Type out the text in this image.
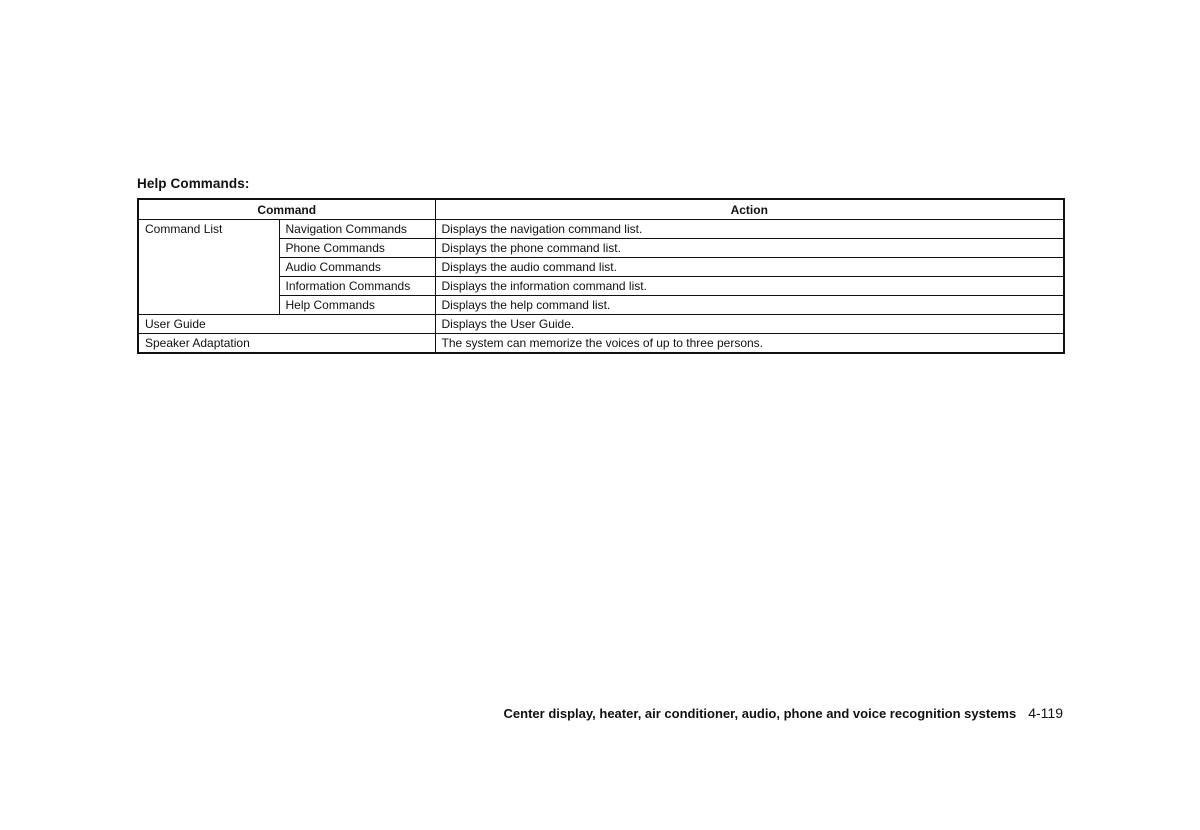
Help Commands:
Command		Action
Command List	Navigation Commands	Displays the navigation command list.
	Phone Commands	Displays the phone command list.
	Audio Commands	Displays the audio command list.
	Information Commands	Displays the information command list.
	Help Commands	Displays the help command list.
User Guide		Displays the User Guide.
Speaker Adaptation		The system can memorize the voices of up to three persons.
Center display, heater, air conditioner, audio, phone and voice recognition systems 4-119
